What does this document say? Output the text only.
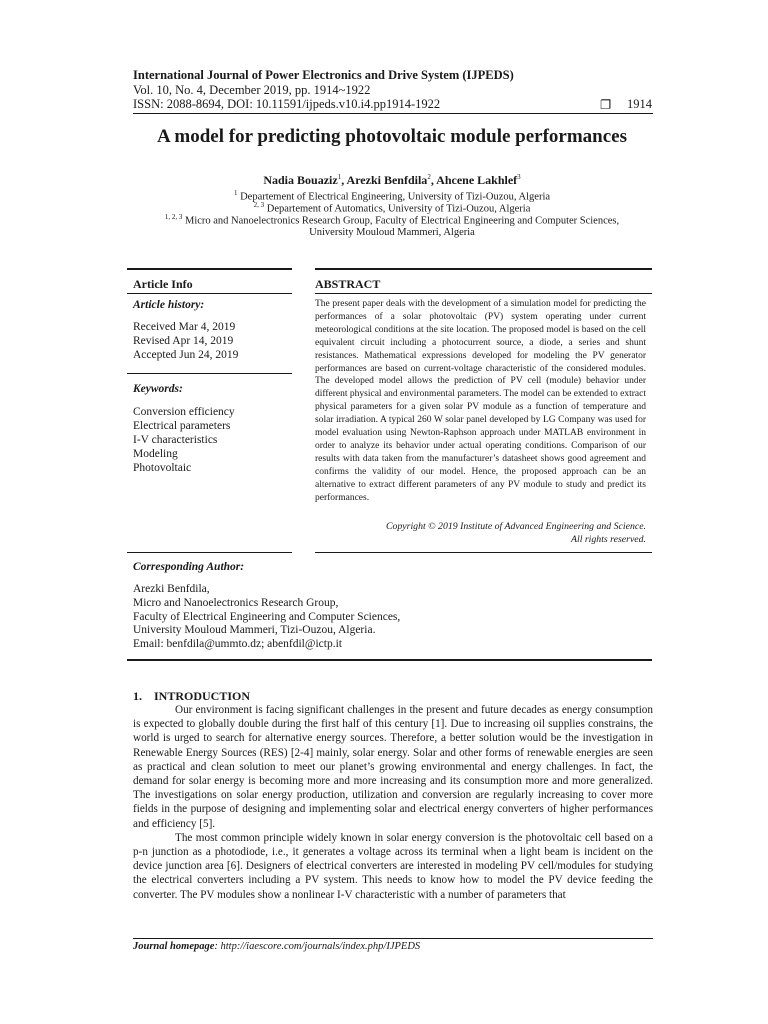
International Journal of Power Electronics and Drive System (IJPEDS)
Vol. 10, No. 4, December 2019, pp. 1914~1922
ISSN: 2088-8694, DOI: 10.11591/ijpeds.v10.i4.pp1914-1922	❐ 1914
A model for predicting photovoltaic module performances
Nadia Bouaziz$^1$, Arezki Benfdila$^2$, Ahcene Lakhlef$^3$
$^1$ Departement of Electrical Engineering, University of Tizi-Ouzou, Algeria
$^{2, 3}$ Departement of Automatics, University of Tizi-Ouzou, Algeria
$^{1, 2, 3}$ Micro and Nanoelectronics Research Group, Faculty of Electrical Engineering and Computer Sciences,
University Mouloud Mammeri, Algeria
Article Info
Article history:
Received Mar 4, 2019
Revised Apr 14, 2019
Accepted Jun 24, 2019
Keywords:
Conversion efficiency
Electrical parameters
I-V characteristics
Modeling
Photovoltaic
ABSTRACT
The present paper deals with the development of a simulation model for predicting the performances of a solar photovoltaic (PV) system operating under current meteorological conditions at the site location. The proposed model is based on the cell equivalent circuit including a photocurrent source, a diode, a series and shunt resistances. Mathematical expressions developed for modeling the PV generator performances are based on current-voltage characteristic of the considered modules. The developed model allows the prediction of PV cell (module) behavior under different physical and environmental parameters. The model can be extended to extract physical parameters for a given solar PV module as a function of temperature and solar irradiation. A typical 260 W solar panel developed by LG Company was used for model evaluation using Newton-Raphson approach under MATLAB environment in order to analyze its behavior under actual operating conditions. Comparison of our results with data taken from the manufacturer’s datasheet shows good agreement and confirms the validity of our model. Hence, the proposed approach can be an alternative to extract different parameters of any PV module to study and predict its performances.
Copyright © 2019 Institute of Advanced Engineering and Science.
All rights reserved.
Corresponding Author:
Arezki Benfdila,
Micro and Nanoelectronics Research Group,
Faculty of Electrical Engineering and Computer Sciences,
University Mouloud Mammeri, Tizi-Ouzou, Algeria.
Email: benfdila@ummto.dz; abenfdil@ictp.it
1. INTRODUCTION

Our environment is facing significant challenges in the present and future decades as energy consumption is expected to globally double during the first half of this century [1]. Due to increasing oil supplies constrains, the world is urged to search for alternative energy sources. Therefore, a better solution would be the investigation in Renewable Energy Sources (RES) [2-4] mainly, solar energy. Solar and other forms of renewable energies are seen as practical and clean solution to meet our planet’s growing environmental and energy challenges. In fact, the demand for solar energy is becoming more and more increasing and its consumption more and more generalized. The investigations on solar energy production, utilization and conversion are regularly increasing to cover more fields in the purpose of designing and implementing solar and electrical energy converters of higher performances and efficiency [5].

The most common principle widely known in solar energy conversion is the photovoltaic cell based on a p-n junction as a photodiode, i.e., it generates a voltage across its terminal when a light beam is incident on the device junction area [6]. Designers of electrical converters are interested in modeling PV cell/modules for studying the electrical converters including a PV system. This needs to know how to model the PV device feeding the converter. The PV modules show a nonlinear I-V characteristic with a number of parameters that

Journal homepage: http://iaescore.com/journals/index.php/IJPEDS
